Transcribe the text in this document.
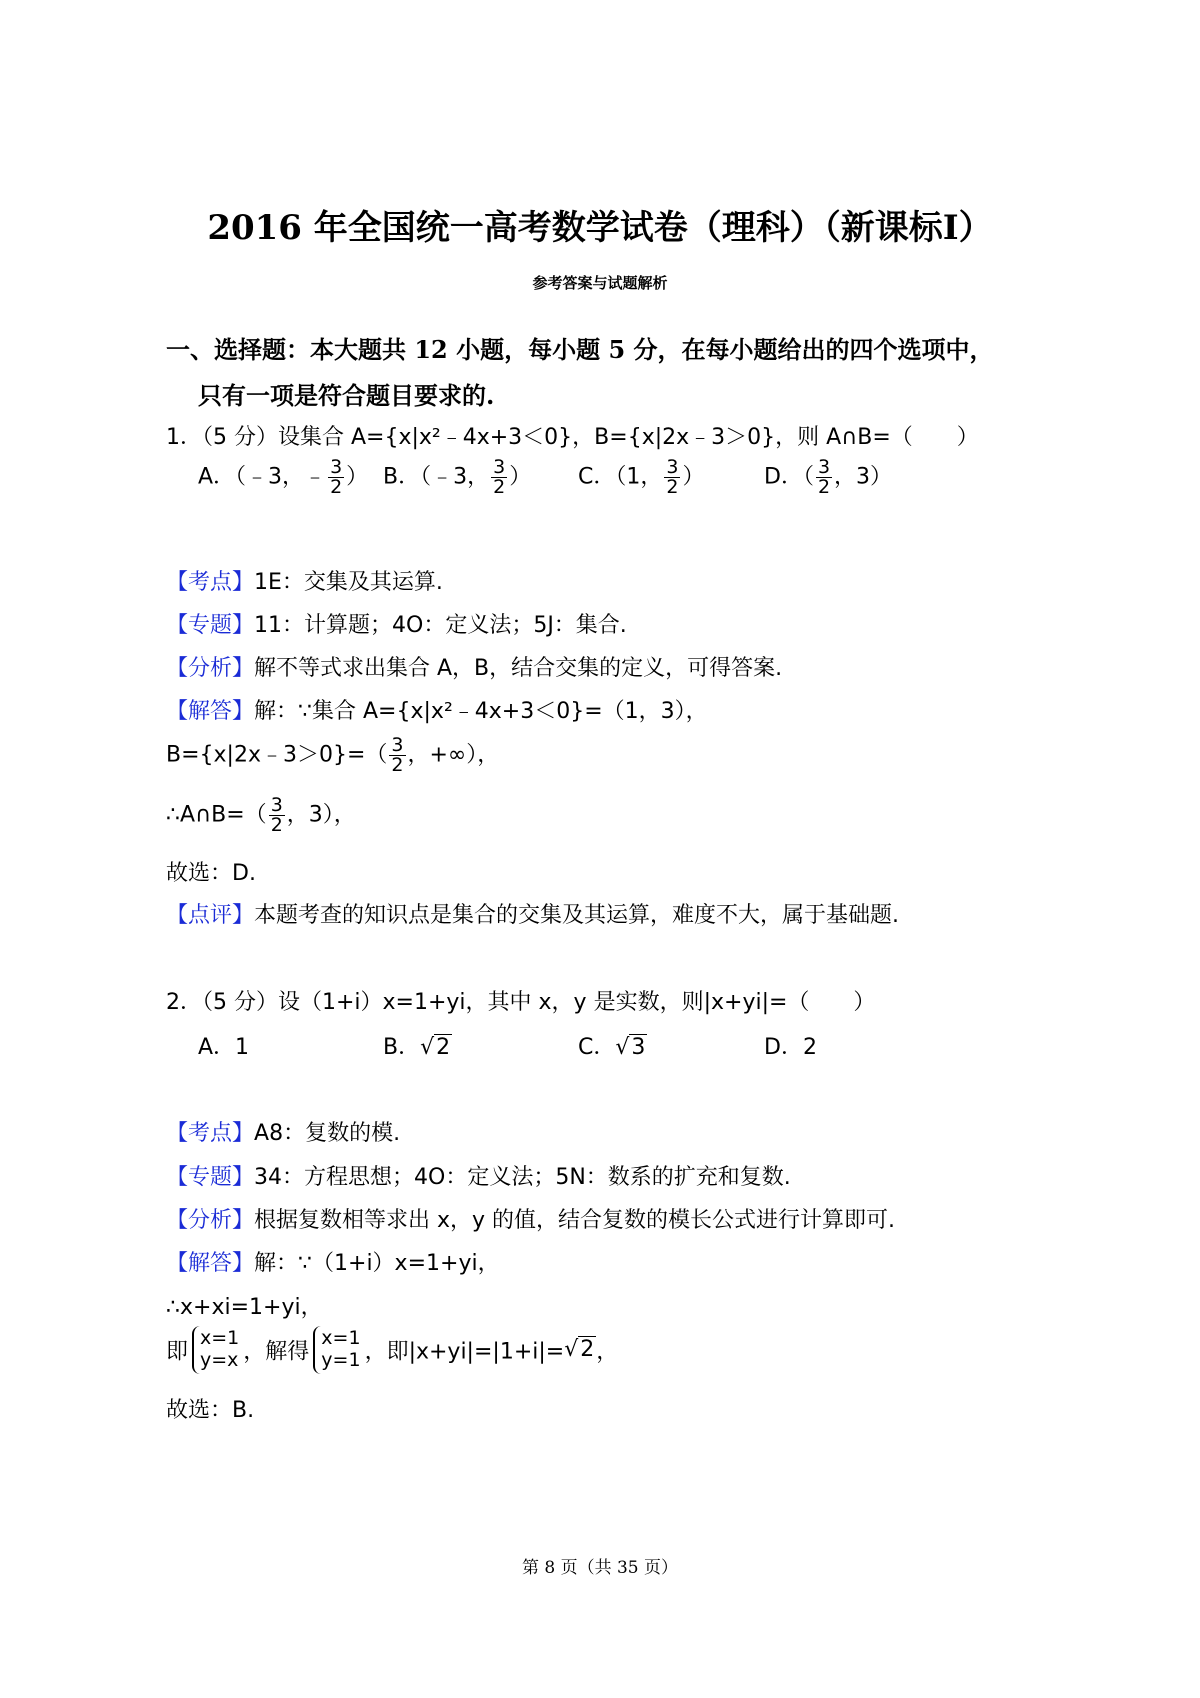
2016 年全国统一高考数学试卷（理科）（新课标Ⅰ）
参考答案与试题解析
一、选择题：本大题共 12 小题，每小题 5 分，在每小题给出的四个选项中，
只有一项是符合题目要求的.
1．（5 分）设集合 A={x|x²﹣4x+3＜0}，B={x|2x﹣3＞0}，则 A∩B=（　　）
A．（﹣3，﹣ $\frac{3}{2}$ ） B．（﹣3， $\frac{3}{2}$ ） C．（1， $\frac{3}{2}$ ）	D．（ $\frac{3}{2}$ ，3）
【考点】1E：交集及其运算.
【专题】11：计算题；4O：定义法；5J：集合.
【分析】解不等式求出集合 A，B，结合交集的定义，可得答案.
【解答】解：∵集合 A={x|x²﹣4x+3＜0}=（1，3），
B={x|2x﹣3＞0}=（ $\frac{3}{2}$ ，+∞），
∴A∩B=（ $\frac{3}{2}$ ，3），
故选：D.
【点评】本题考查的知识点是集合的交集及其运算，难度不大，属于基础题.
2．（5 分）设（1+i）x=1+yi，其中 x，y 是实数，则|x+yi|=（　　）
A．1	B．√2	C．√3	D．2
【考点】A8：复数的模.
【专题】34：方程思想；4O：定义法；5N：数系的扩充和复数.
【分析】根据复数相等求出 x，y 的值，结合复数的模长公式进行计算即可.
【解答】解：∵（1+i）x=1+yi，
∴x+xi=1+yi，
即
x=1
y=x ，解得
x=1
y=1 ，即|x+yi|=|1+i|=√2，
故选：B.
第 8 页（共 35 页）
